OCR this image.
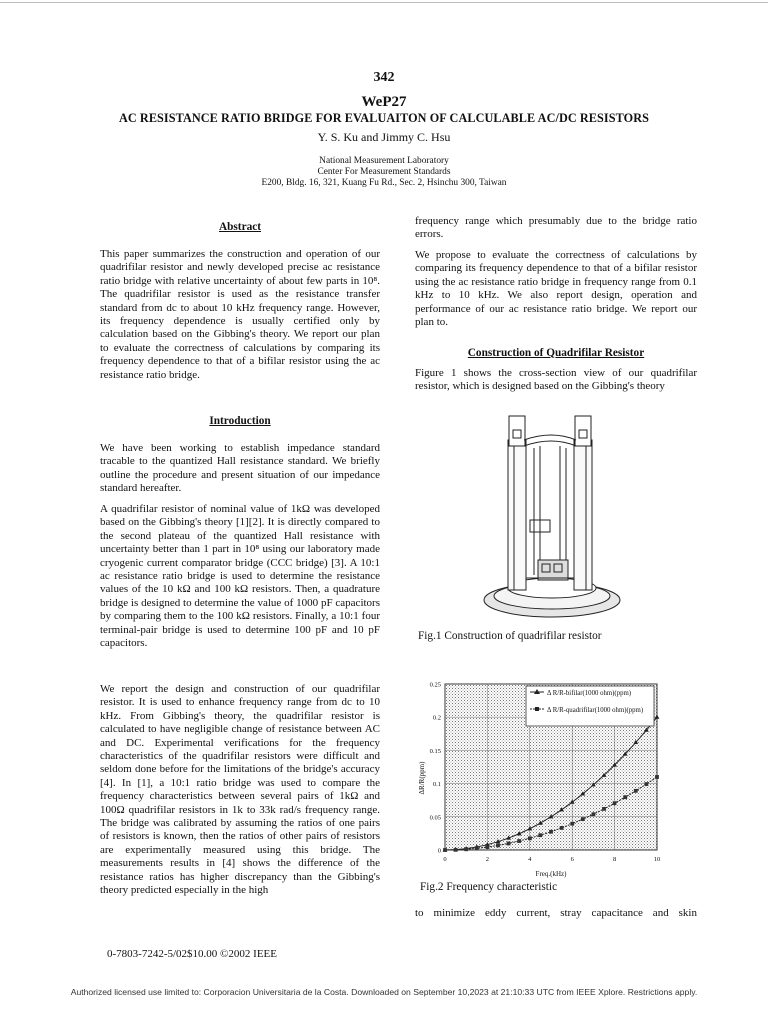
342
WeP27
AC RESISTANCE RATIO BRIDGE FOR EVALUAITON OF CALCULABLE AC/DC RESISTORS
Y. S. Ku and Jimmy C. Hsu
National Measurement Laboratory
Center For Measurement Standards
E200, Bldg. 16, 321, Kuang Fu Rd., Sec. 2, Hsinchu 300, Taiwan
Abstract

This paper summarizes the construction and operation of our quadrifilar resistor and newly developed precise ac resistance ratio bridge with relative uncertainty of about few parts in 10⁸. The quadrifilar resistor is used as the resistance transfer standard from dc to about 10 kHz frequency range. However, its frequency dependence is usually certified only by calculation based on the Gibbing's theory. We report our plan to evaluate the correctness of calculations by comparing its frequency dependence to that of a bifilar resistor using the ac resistance ratio bridge.

Introduction

We have been working to establish impedance standard tracable to the quantized Hall resistance standard. We briefly outline the procedure and present situation of our impedance standard hereafter.

A quadrifilar resistor of nominal value of 1kΩ was developed based on the Gibbing's theory [1][2]. It is directly compared to the second plateau of the quantized Hall resistance with uncertainty better than 1 part in 10⁸ using our laboratory made cryogenic current comparator bridge (CCC bridge) [3]. A 10:1 ac resistance ratio bridge is used to determine the resistance values of the 10 kΩ and 100 kΩ resistors. Then, a quadrature bridge is designed to determine the value of 1000 pF capacitors by comparing them to the 100 kΩ resistors. Finally, a 10:1 four terminal-pair bridge is used to determine 100 pF and 10 pF capacitors.

We report the design and construction of our quadrifilar resistor. It is used to enhance frequency range from dc to 10 kHz. From Gibbing's theory, the quadrifilar resistor is calculated to have negligible change of resistance between AC and DC. Experimental verifications for the frequency characteristics of the quadrifilar resistors were difficult and seldom done before for the limitations of the bridge's accuracy [4]. In [1], a 10:1 ratio bridge was used to compare the frequency characteristics between several pairs of 1kΩ and 100Ω quadrifilar resistors in 1k to 33k rad/s frequency range. The bridge was calibrated by assuming the ratios of one pairs of resistors is known, then the ratios of other pairs of resistors are experimentally measured using this bridge. The measurements results in [4] shows the difference of the resistance ratios has higher discrepancy than the Gibbing's theory predicted especially in the high

frequency range which presumably due to the bridge ratio errors.

We propose to evaluate the correctness of calculations by comparing its frequency dependence to that of a bifilar resistor using the ac resistance ratio bridge in frequency range from 0.1 kHz to 10 kHz. We also report design, operation and performance of our ac resistance ratio bridge. We report our plan to.

Construction of Quadrifilar Resistor

Figure 1 shows the cross-section view of our quadrifilar resistor, which is designed based on the Gibbing's theory

Fig.1 Construction of quadrifilar resistor
0
0.05
0.1
0.15
0.2
0.25
0	2	4	6	8	10
Δ R/R-bifilar(1000 ohm)(ppm)
Δ R/R-quadrifilar(1000 ohm)(ppm)
ΔR/R(ppm)
Freq.(kHz)
Fig.2 Frequency characteristic

to minimize eddy current, stray capacitance and skin

0-7803-7242-5/02$10.00 ©2002 IEEE
Authorized licensed use limited to: Corporacion Universitaria de la Costa. Downloaded on September 10,2023 at 21:10:33 UTC from IEEE Xplore. Restrictions apply.
